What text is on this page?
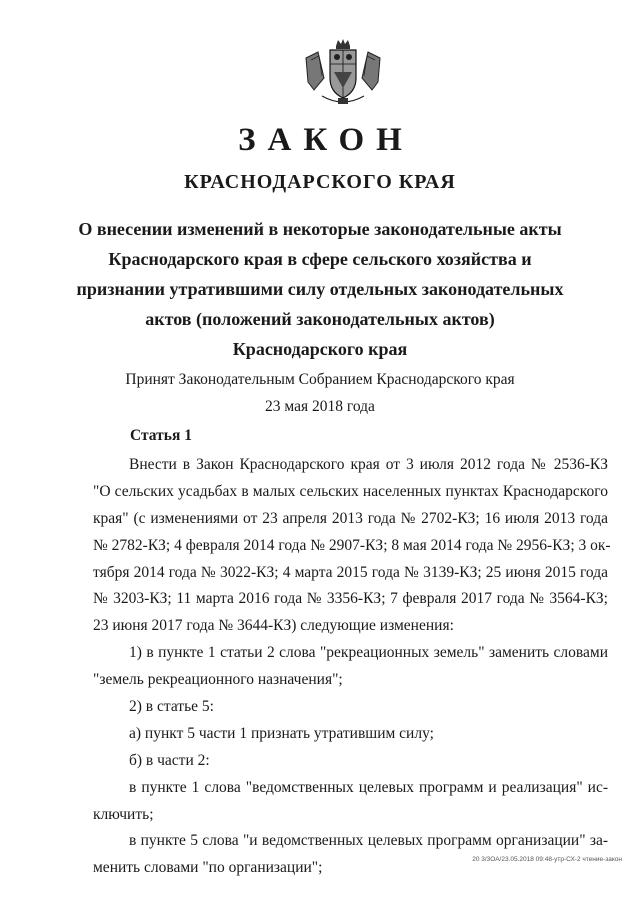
ЗАКОН
КРАСНОДАРСКОГО КРАЯ
О внесении изменений в некоторые законодательные акты
Краснодарского края в сфере сельского хозяйства и
признании утратившими силу отдельных законодательных
актов (положений законодательных актов)
Краснодарского края
Принят Законодательным Собранием Краснодарского края
23 мая 2018 года
Статья 1
Внести в Закон Краснодарского края от 3 июля 2012 года № 2536-КЗ
"О сельских усадьбах в малых сельских населенных пунктах Краснодарского
края" (с изменениями от 23 апреля 2013 года № 2702-КЗ; 16 июля 2013 года
№ 2782-КЗ; 4 февраля 2014 года № 2907-КЗ; 8 мая 2014 года № 2956-КЗ; 3 ок-
тября 2014 года № 3022-КЗ; 4 марта 2015 года № 3139-КЗ; 25 июня 2015 года
№ 3203-КЗ; 11 марта 2016 года № 3356-КЗ; 7 февраля 2017 года № 3564-КЗ;
23 июня 2017 года № 3644-КЗ) следующие изменения:
1) в пункте 1 статьи 2 слова "рекреационных земель" заменить словами
"земель рекреационного назначения";
2) в статье 5:
а) пункт 5 части 1 признать утратившим силу;
б) в части 2:
в пункте 1 слова "ведомственных целевых программ и реализация" ис-
ключить;
в пункте 5 слова "и ведомственных целевых программ организации" за-
менить словами "по организации";	20 3/3ОА/23.05.2018 09:48-утр-СХ-2 чтение-закон
